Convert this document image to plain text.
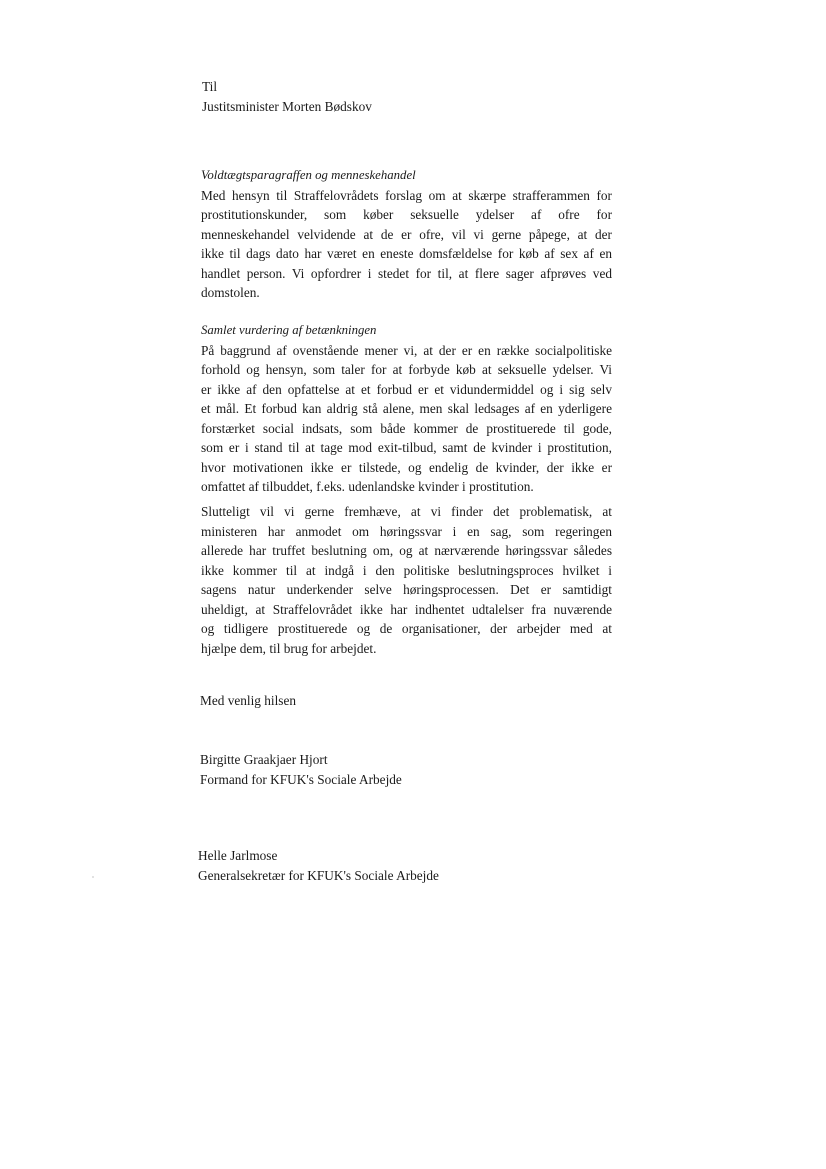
Til
Justitsminister Morten Bødskov
Voldtægtsparagraffen og menneskehandel
Med hensyn til Straffelovrådets forslag om at skærpe strafferammen for
prostitutionskunder, som køber seksuelle ydelser af ofre for
menneskehandel velvidende at de er ofre, vil vi gerne påpege, at der
ikke til dags dato har været en eneste domsfældelse for køb af sex af en
handlet person. Vi opfordrer i stedet for til, at flere sager afprøves ved
domstolen.
Samlet vurdering af betænkningen
På baggrund af ovenstående mener vi, at der er en række socialpolitiske
forhold og hensyn, som taler for at forbyde køb at seksuelle ydelser. Vi
er ikke af den opfattelse at et forbud er et vidundermiddel og i sig selv
et mål. Et forbud kan aldrig stå alene, men skal ledsages af en yderligere
forstærket social indsats, som både kommer de prostituerede til gode,
som er i stand til at tage mod exit-tilbud, samt de kvinder i prostitution,
hvor motivationen ikke er tilstede, og endelig de kvinder, der ikke er
omfattet af tilbuddet, f.eks. udenlandske kvinder i prostitution.
Slutteligt vil vi gerne fremhæve, at vi finder det problematisk, at
ministeren har anmodet om høringssvar i en sag, som regeringen
allerede har truffet beslutning om, og at nærværende høringssvar således
ikke kommer til at indgå i den politiske beslutningsproces hvilket i
sagens natur underkender selve høringsprocessen. Det er samtidigt
uheldigt, at Straffelovrådet ikke har indhentet udtalelser fra nuværende
og tidligere prostituerede og de organisationer, der arbejder med at
hjælpe dem, til brug for arbejdet.
Med venlig hilsen
Birgitte Graakjaer Hjort
Formand for KFUK's Sociale Arbejde
Helle Jarlmose
Generalsekretær for KFUK's Sociale Arbejde
